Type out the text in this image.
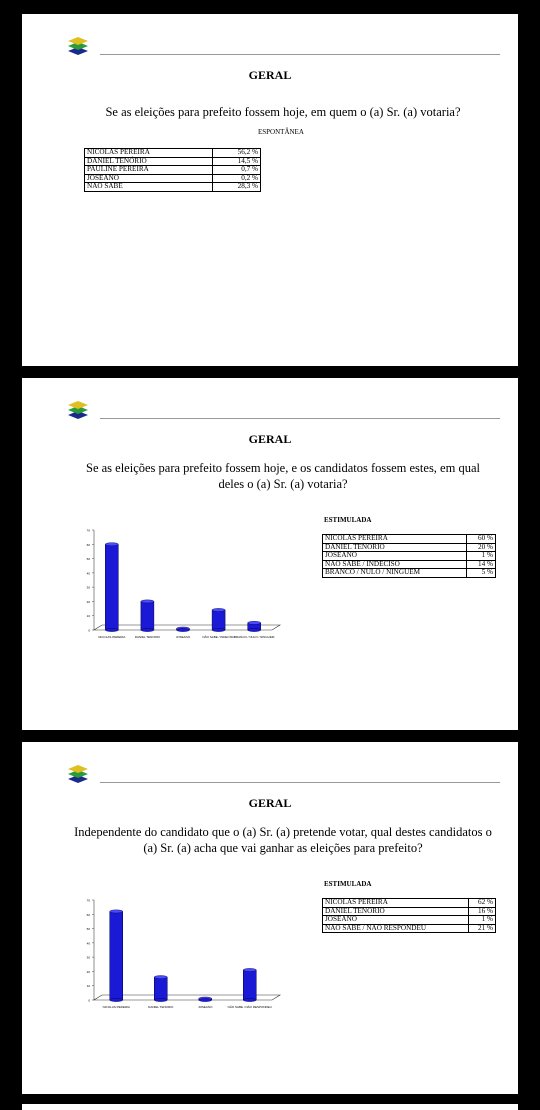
GERAL
Se as eleições para prefeito fossem hoje, em quem o (a) Sr. (a) votaria?
ESPONTÂNEA
NICOLAS PEREIRA	56,2 %
DANIEL TENÓRIO	14,5 %
PAULINE PEREIRA	0,7 %
JOSEANO	0,2 %
NÃO SABE	28,3 %
GERAL
Se as eleições para prefeito fossem hoje, e os candidatos fossem estes, em qual deles o (a) Sr. (a) votaria?
ESTIMULADA
NICOLAS PEREIRA	60 %
DANIEL TENORIO	20 %
JOSEANO	1 %
NÃO SABE / INDECISO	14 %
BRANCO / NULO / NINGUEM	5 %
0
10
20
30
40
50
60
70
NICOLAS PEREIRA	DANIEL TENORIO	JOSEANO	NÃO SABE / INDECISO BRANCO / NULO / NINGUEM
GERAL
Independente do candidato que o (a) Sr. (a) pretende votar, qual destes candidatos o (a) Sr. (a) acha que vai ganhar as eleições para prefeito?
ESTIMULADA
NICOLAS PEREIRA	62 %
DANIEL TENORIO	16 %
JOSEANO	1 %
NÃO SABE / NÃO RESPONDEU	21 %
0
10
20
30
40
50
60
70
NICOLAS PEREIRA	DANIEL TENORIO	JOSEANO	NÃO SABE / NÃO RESPONDEU
